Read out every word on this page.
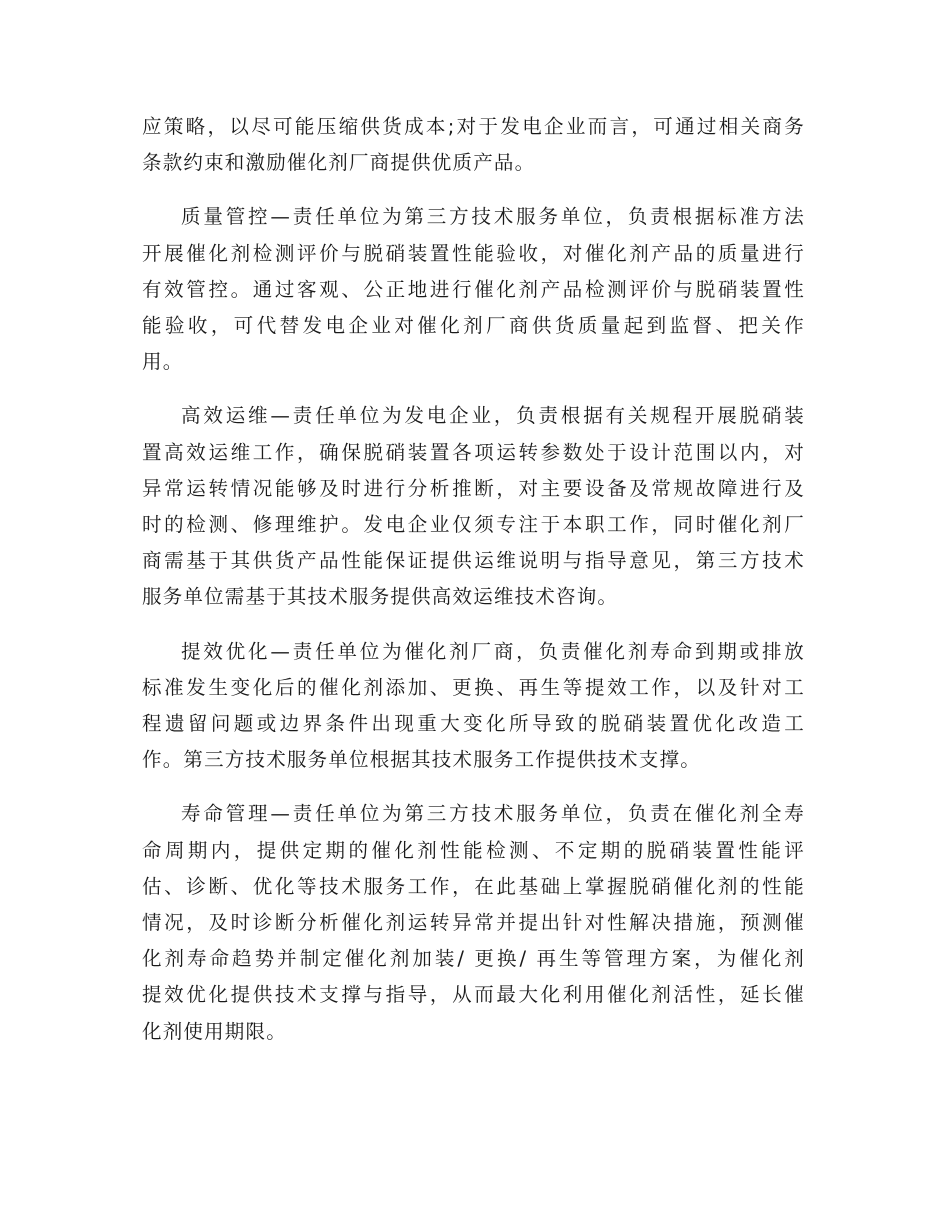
应策略，以尽可能压缩供货成本;对于发电企业而言，可通过相关商务
条款约束和激励催化剂厂商提供优质产品。
质量管控—责任单位为第三方技术服务单位，负责根据标准方法
开展催化剂检测评价与脱硝装置性能验收，对催化剂产品的质量进行
有效管控。通过客观、公正地进行催化剂产品检测评价与脱硝装置性
能验收，可代替发电企业对催化剂厂商供货质量起到监督、把关作
用。
高效运维—责任单位为发电企业，负责根据有关规程开展脱硝装
置高效运维工作，确保脱硝装置各项运转参数处于设计范围以内，对
异常运转情况能够及时进行分析推断，对主要设备及常规故障进行及
时的检测、修理维护。发电企业仅须专注于本职工作，同时催化剂厂
商需基于其供货产品性能保证提供运维说明与指导意见，第三方技术
服务单位需基于其技术服务提供高效运维技术咨询。
提效优化—责任单位为催化剂厂商，负责催化剂寿命到期或排放
标准发生变化后的催化剂添加、更换、再生等提效工作，以及针对工
程遗留问题或边界条件出现重大变化所导致的脱硝装置优化改造工
作。第三方技术服务单位根据其技术服务工作提供技术支撑。
寿命管理—责任单位为第三方技术服务单位，负责在催化剂全寿
命周期内，提供定期的催化剂性能检测、不定期的脱硝装置性能评
估、诊断、优化等技术服务工作，在此基础上掌握脱硝催化剂的性能
情况，及时诊断分析催化剂运转异常并提出针对性解决措施，预测催
化剂寿命趋势并制定催化剂加装/ 更换/ 再生等管理方案，为催化剂
提效优化提供技术支撑与指导，从而最大化利用催化剂活性，延长催
化剂使用期限。
